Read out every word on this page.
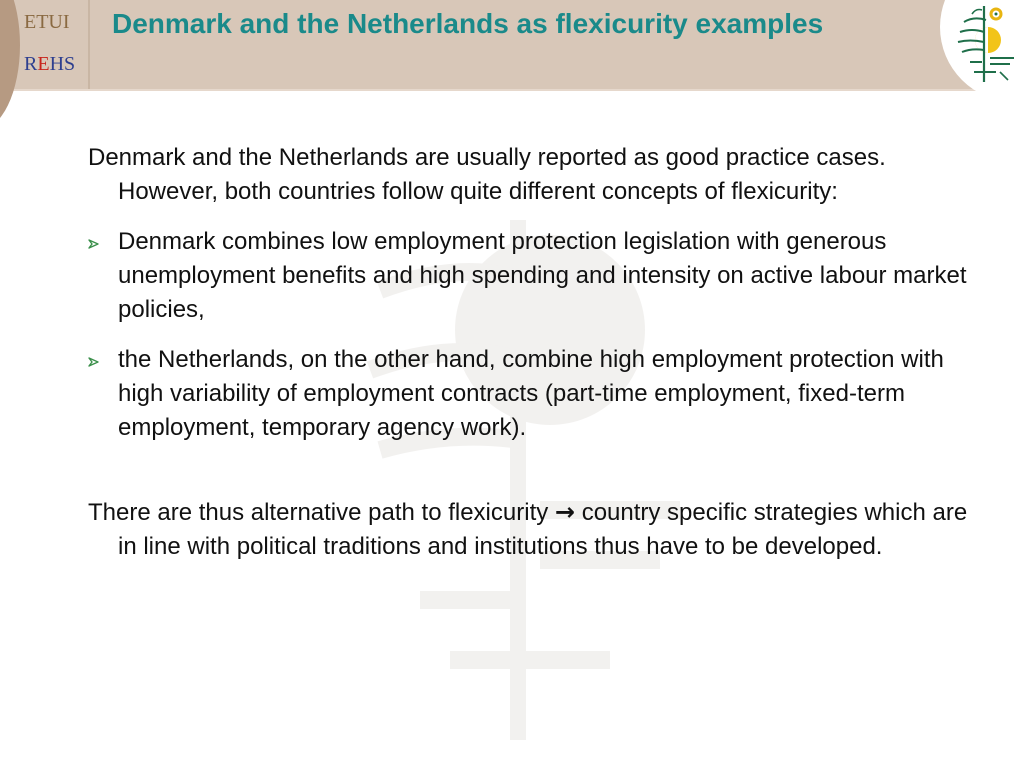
ETUI
REHS
Denmark and the Netherlands as flexicurity examples

Denmark and the Netherlands are usually reported as good practice cases. However, both countries follow quite different concepts of flexicurity:

Denmark combines low employment protection legislation with generous unemployment benefits and high spending and intensity on active labour market policies,
the Netherlands, on the other hand, combine high employment protection with high variability of employment contracts (part-time employment, fixed-term employment, temporary agency work).

There are thus alternative path to flexicurity → country specific strategies which are in line with political traditions and institutions thus have to be developed.
